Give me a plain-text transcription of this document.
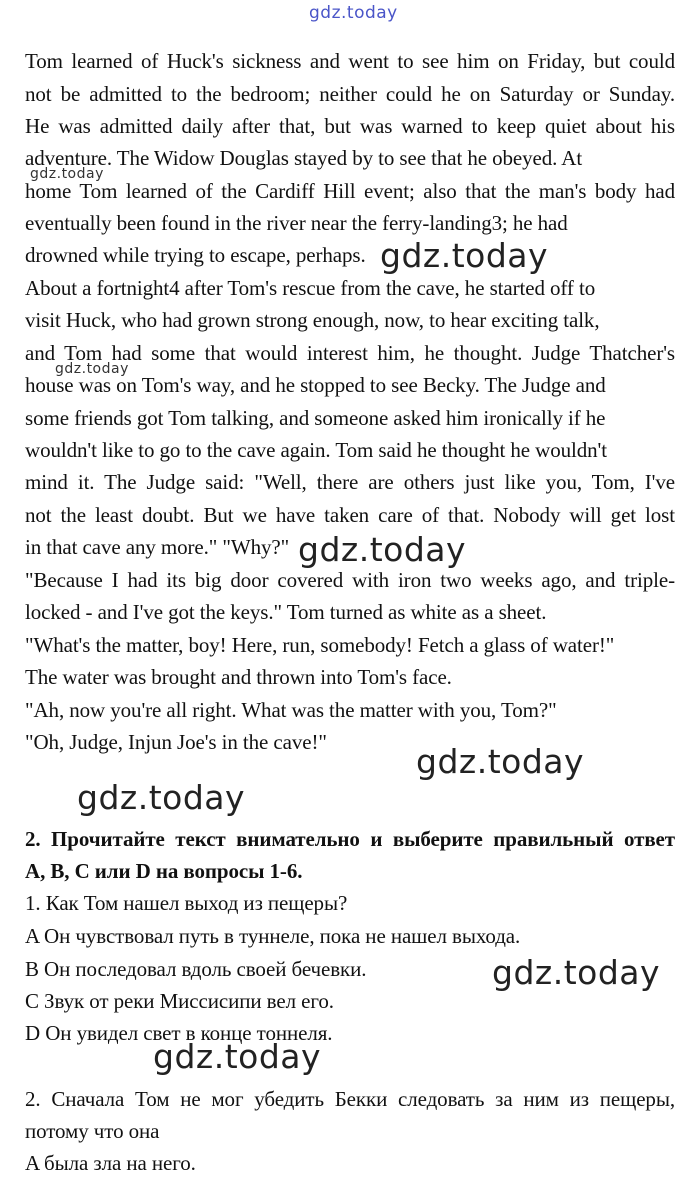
gdz.today
Tom learned of Huck's sickness and went to see him on Friday, but could
not be admitted to the bedroom; neither could he on Saturday or Sunday.
He was admitted daily after that, but was warned to keep quiet about his
adventure. The Widow Douglas stayed by to see that he obeyed. At
home Tom learned of the Cardiff Hill event; also that the man's body had
eventually been found in the river near the ferry-landing3; he had
drowned while trying to escape, perhaps.
About a fortnight4 after Tom's rescue from the cave, he started off to
visit Huck, who had grown strong enough, now, to hear exciting talk,
and Tom had some that would interest him, he thought. Judge Thatcher's
house was on Tom's way, and he stopped to see Becky. The Judge and
some friends got Tom talking, and someone asked him ironically if he
wouldn't like to go to the cave again. Tom said he thought he wouldn't
mind it. The Judge said: "Well, there are others just like you, Tom, I've
not the least doubt. But we have taken care of that. Nobody will get lost
in that cave any more." "Why?"
"Because I had its big door covered with iron two weeks ago, and triple-
locked - and I've got the keys." Tom turned as white as a sheet.
"What's the matter, boy! Here, run, somebody! Fetch a glass of water!"
The water was brought and thrown into Tom's face.
"Ah, now you're all right. What was the matter with you, Tom?"
"Oh, Judge, Injun Joe's in the cave!"
2. Прочитайте текст внимательно и выберите правильный ответ
A, B, C или D на вопросы 1-6.
1. Как Том нашел выход из пещеры?
A Он чувствовал путь в туннеле, пока не нашел выхода.
B Он последовал вдоль своей бечевки.
C Звук от реки Миссисипи вел его.
D Он увидел свет в конце тоннеля.
2. Сначала Том не мог убедить Бекки следовать за ним из пещеры,
потому что она
A была зла на него.
gdz.today
gdz.today
gdz.today
gdz.today
gdz.today
gdz.today
gdz.today
gdz.today
